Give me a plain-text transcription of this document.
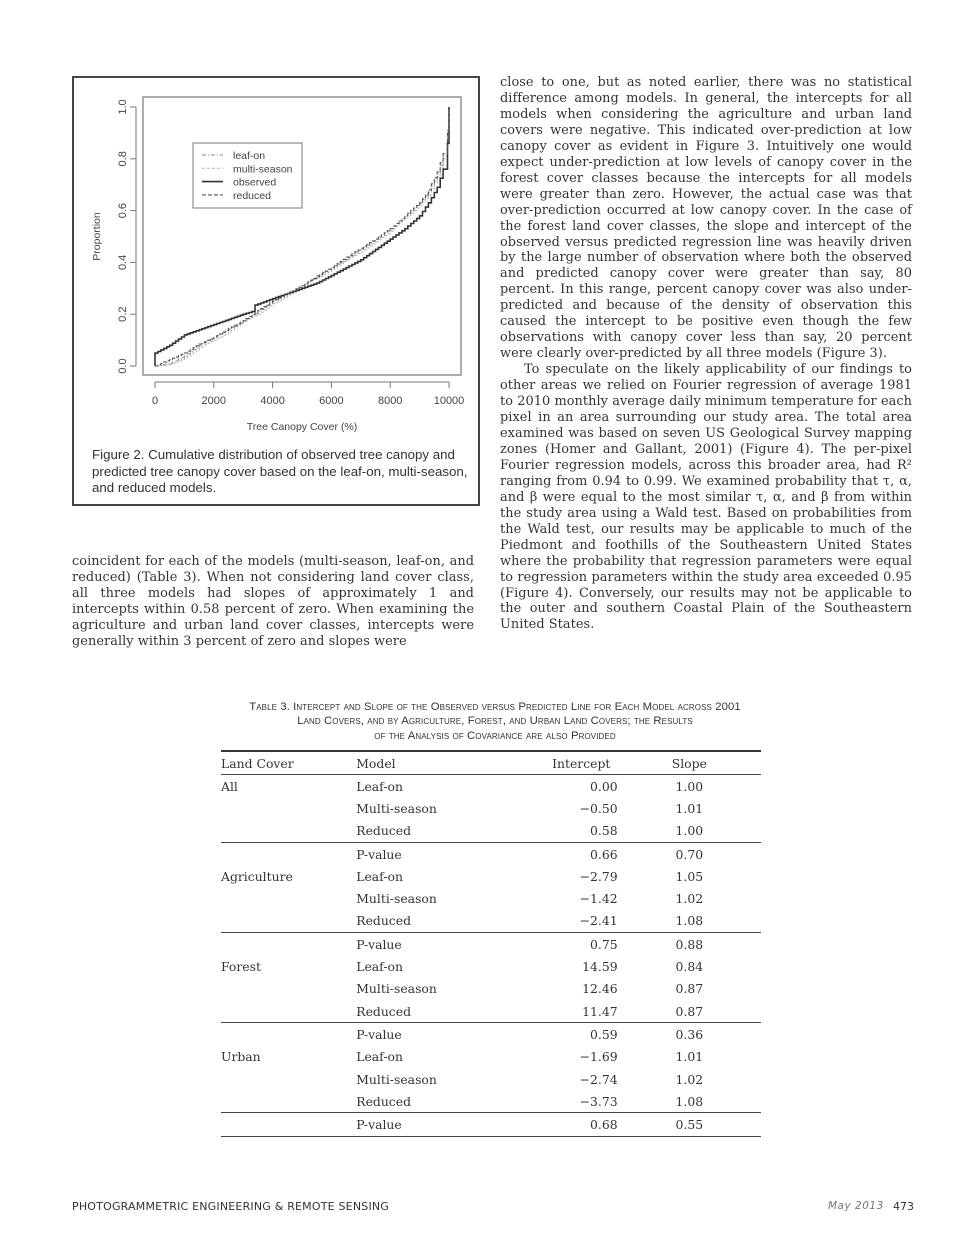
0	2000	4000	6000	8000	10000
Tree Canopy Cover (%)
0.0
0.2
0.4
0.6
0.8
1.0
Proportion
leaf-on
multi-season
observed
reduced
Figure 2. Cumulative distribution of observed tree canopy and predicted tree canopy cover based on the leaf-on, multi-season, and reduced models.

close to one, but as noted earlier, there was no statistical difference among models. In general, the intercepts for all models when considering the agriculture and urban land covers were negative. This indicated over-prediction at low canopy cover as evident in Figure 3. Intuitively one would expect under-prediction at low levels of canopy cover in the forest cover classes because the intercepts for all models were greater than zero. However, the actual case was that over-prediction occurred at low canopy cover. In the case of the forest land cover classes, the slope and intercept of the observed versus predicted regression line was heavily driven by the large number of observation where both the observed and predicted canopy cover were greater than say, 80 percent. In this range, percent canopy cover was also under-predicted and because of the density of observation this caused the intercept to be positive even though the few observations with canopy cover less than say, 20 percent were clearly over-predicted by all three models (Figure 3).

To speculate on the likely applicability of our findings to other areas we relied on Fourier regression of average 1981 to 2010 monthly average daily minimum temperature for each pixel in an area surrounding our study area. The total area examined was based on seven US Geological Survey mapping zones (Homer and Gallant, 2001) (Figure 4). The per-pixel Fourier regression models, across this broader area, had R² ranging from 0.94 to 0.99. We examined probability that τ, α, and β were equal to the most similar τ, α, and β from within the study area using a Wald test. Based on probabilities from the Wald test, our results may be applicable to much of the Piedmont and foothills of the Southeastern United States where the probability that regression parameters were equal to regression parameters within the study area exceeded 0.95 (Figure 4). Conversely, our results may not be applicable to the outer and southern Coastal Plain of the Southeastern United States.

coincident for each of the models (multi-season, leaf-on, and reduced) (Table 3). When not considering land cover class, all three models had slopes of approximately 1 and intercepts within 0.58 percent of zero. When examining the agriculture and urban land cover classes, intercepts were generally within 3 percent of zero and slopes were

Table 3. Intercept and Slope of the Observed versus Predicted Line for Each Model across 2001
Land Covers, and by Agriculture, Forest, and Urban Land Covers; the Results
of the Analysis of Covariance are also Provided
Land Cover	Model	Intercept	Slope
All	Leaf-on	0.00	1.00
	Multi-season	−0.50	1.01
	Reduced	0.58	1.00
	P-value	0.66	0.70
Agriculture	Leaf-on	−2.79	1.05
	Multi-season	−1.42	1.02
	Reduced	−2.41	1.08
	P-value	0.75	0.88
Forest	Leaf-on	14.59	0.84
	Multi-season	12.46	0.87
	Reduced	11.47	0.87
	P-value	0.59	0.36
Urban	Leaf-on	−1.69	1.01
	Multi-season	−2.74	1.02
	Reduced	−3.73	1.08
	P-value	0.68	0.55
PHOTOGRAMMETRIC ENGINEERING & REMOTE SENSING	May 2013 473
